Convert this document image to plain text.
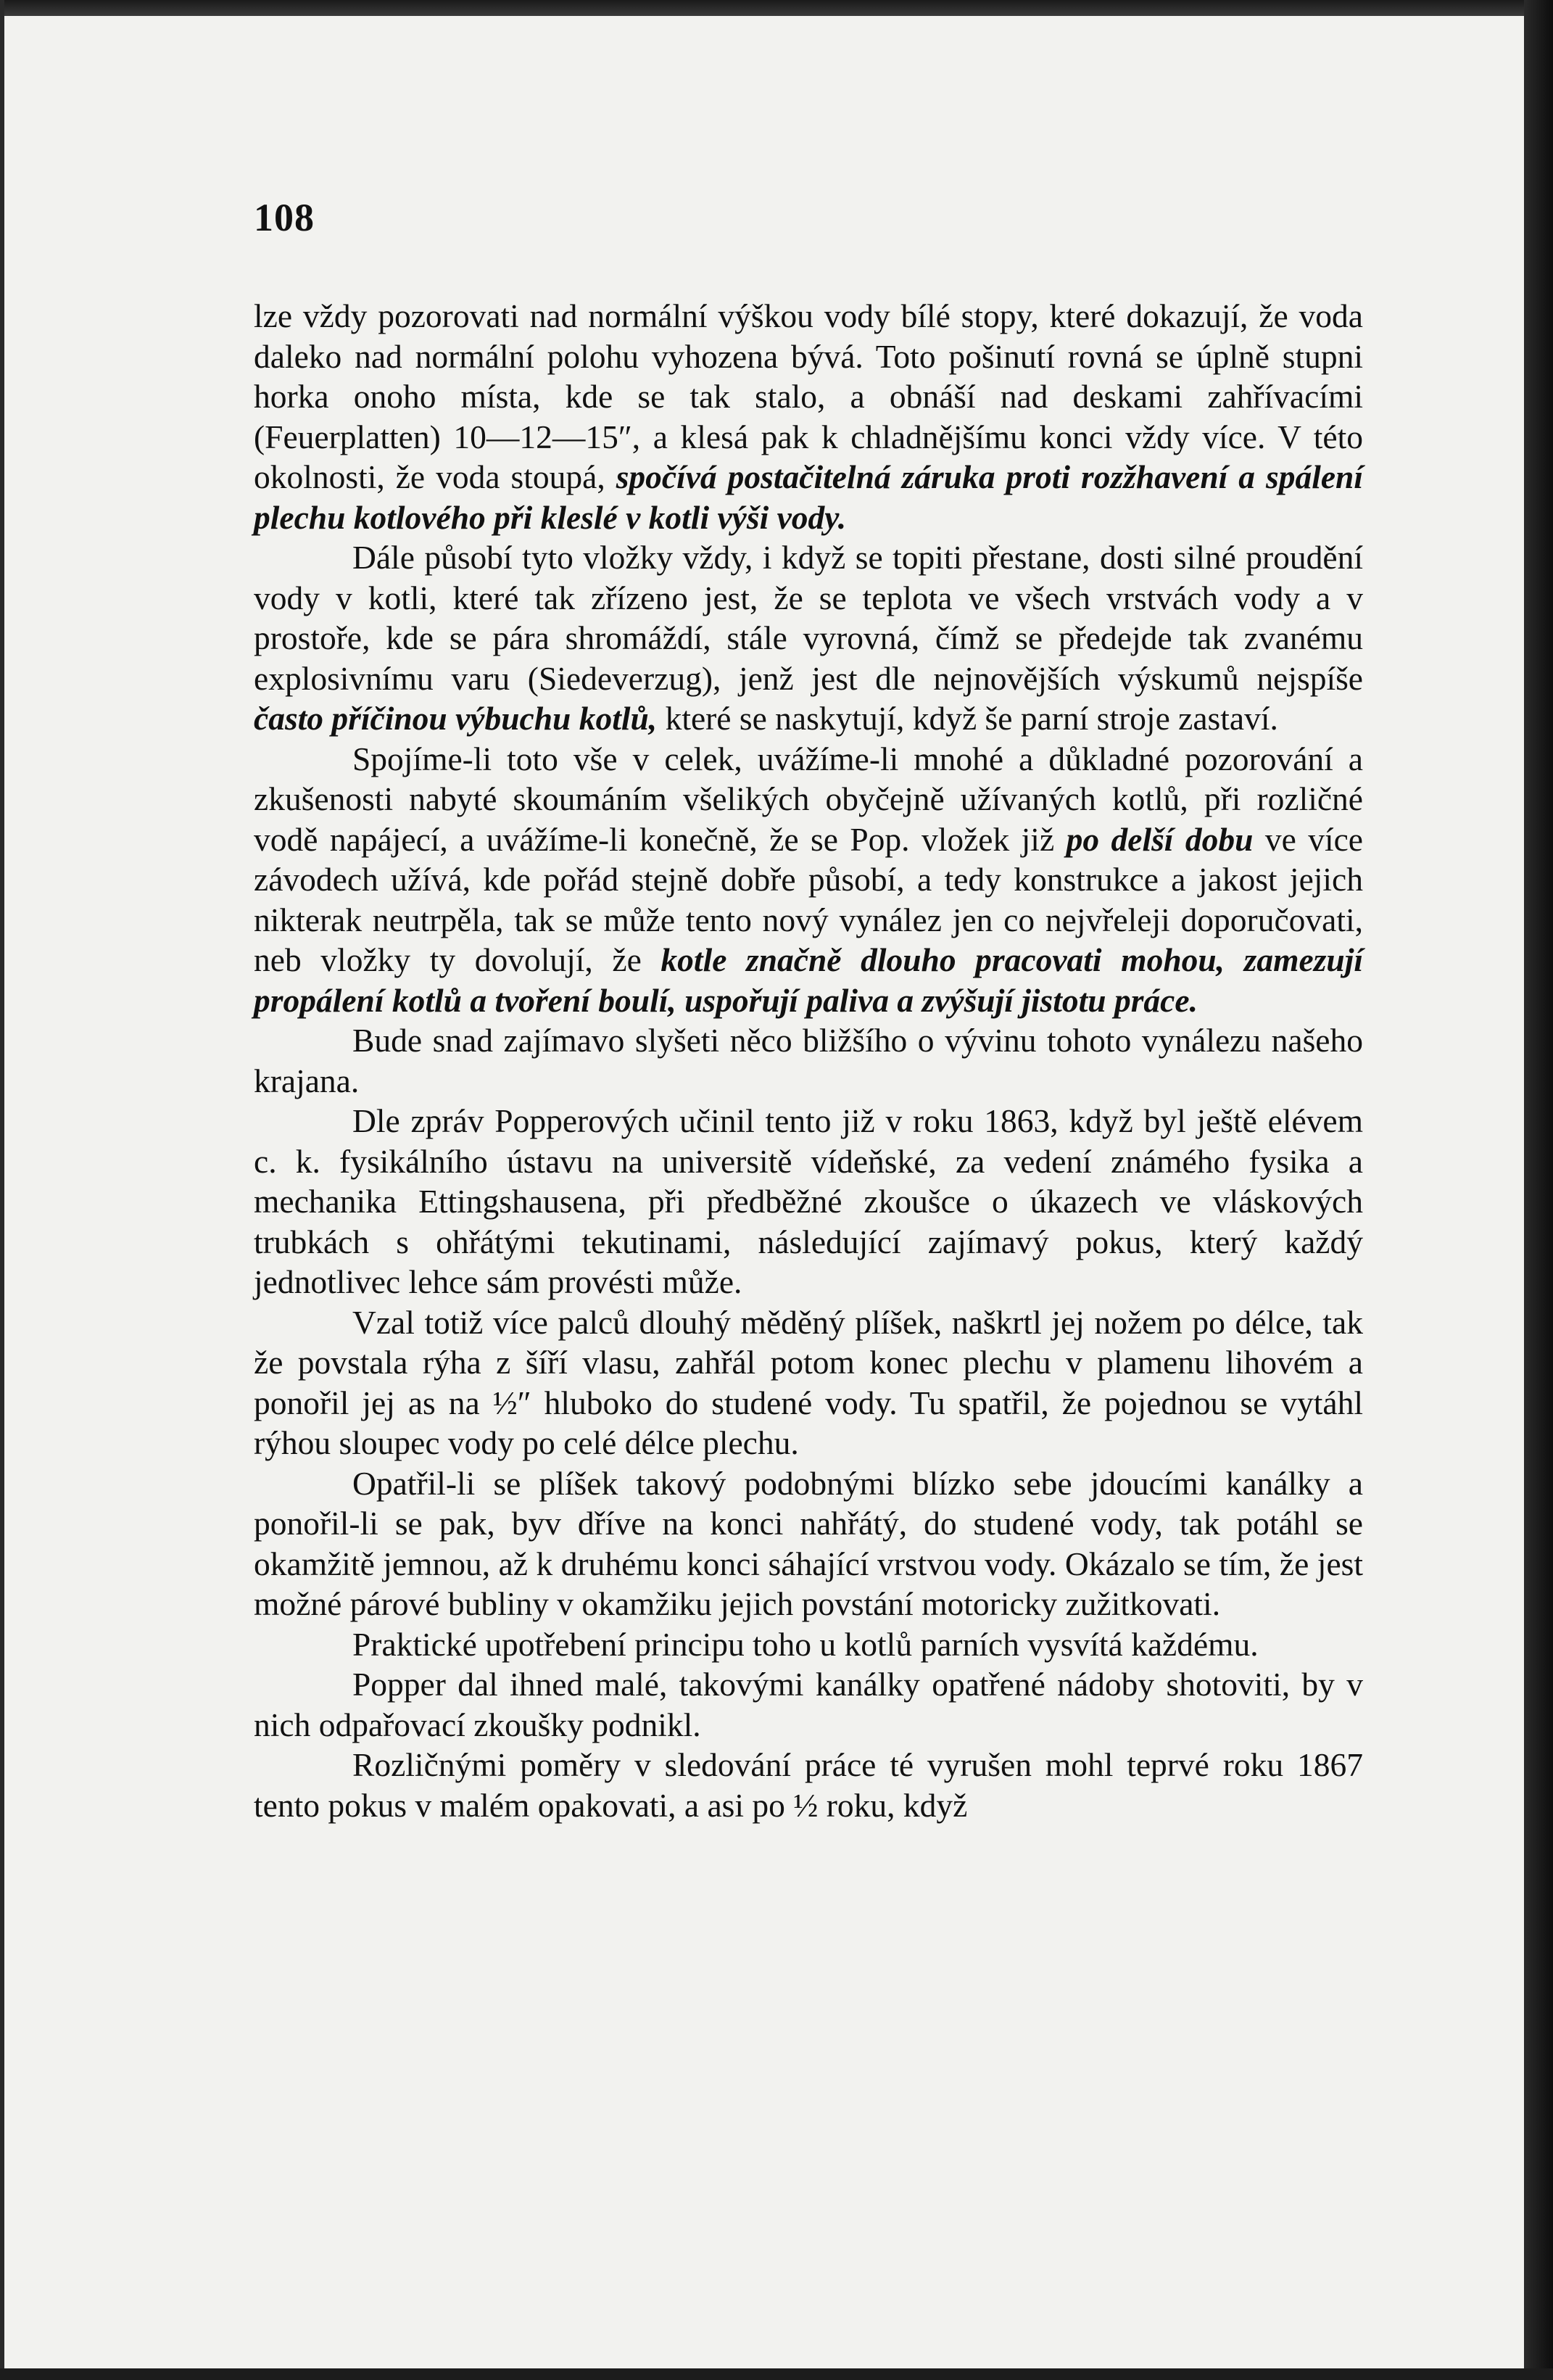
108

lze vždy pozorovati nad normální výškou vody bílé stopy, které dokazují, že voda daleko nad normální polohu vyhozena bývá. Toto pošinutí rovná se úplně stupni horka onoho místa, kde se tak stalo, a obnáší nad deskami zahřívacími (Feuerplatten) 10—12—15″, a klesá pak k chladnějšímu konci vždy více. V této okolnosti, že voda stoupá, spočívá postačitelná záruka proti rozžhavení a spálení plechu kotlového při kleslé v kotli výši vody.

Dále působí tyto vložky vždy, i když se topiti přestane, dosti silné proudění vody v kotli, které tak zřízeno jest, že se teplota ve všech vrstvách vody a v prostoře, kde se pára shromáždí, stále vyrovná, čímž se předejde tak zvanému explosivnímu varu (Siedeverzug), jenž jest dle nejnovějších výskumů nejspíše často příčinou výbuchu kotlů, které se naskytují, když še parní stroje zastaví.

Spojíme-li toto vše v celek, uvážíme-li mnohé a důkladné pozorování a zkušenosti nabyté skoumáním všelikých obyčejně užívaných kotlů, při rozličné vodě napájecí, a uvážíme-li konečně, že se Pop. vložek již po delší dobu ve více závodech užívá, kde pořád stejně dobře působí, a tedy konstrukce a jakost jejich nikterak neutrpěla, tak se může tento nový vynález jen co nejvřeleji doporučovati, neb vložky ty dovolují, že kotle značně dlouho pracovati mohou, zamezují propálení kotlů a tvoření boulí, uspořují paliva a zvýšují jistotu práce.

Bude snad zajímavo slyšeti něco bližšího o vývinu tohoto vynálezu našeho krajana.

Dle zpráv Popperových učinil tento již v roku 1863, když byl ještě elévem c. k. fysikálního ústavu na universitě vídeňské, za vedení známého fysika a mechanika Ettingshausena, při předběžné zkoušce o úkazech ve vláskových trubkách s ohřátými tekutinami, následující zajímavý pokus, který každý jednotlivec lehce sám provésti může.

Vzal totiž více palců dlouhý měděný plíšek, naškrtl jej nožem po délce, tak že povstala rýha z šíří vlasu, zahřál potom konec plechu v plamenu lihovém a ponořil jej as na ½″ hluboko do studené vody. Tu spatřil, že pojednou se vytáhl rýhou sloupec vody po celé délce plechu.

Opatřil-li se plíšek takový podobnými blízko sebe jdoucími kanálky a ponořil-li se pak, byv dříve na konci nahřátý, do studené vody, tak potáhl se okamžitě jemnou, až k druhému konci sáhající vrstvou vody. Okázalo se tím, že jest možné párové bubliny v okamžiku jejich povstání motoricky zužitkovati.

Praktické upotřebení principu toho u kotlů parních vysvítá každému.

Popper dal ihned malé, takovými kanálky opatřené nádoby shotoviti, by v nich odpařovací zkoušky podnikl.

Rozličnými poměry v sledování práce té vyrušen mohl teprvé roku 1867 tento pokus v malém opakovati, a asi po ½ roku, když
